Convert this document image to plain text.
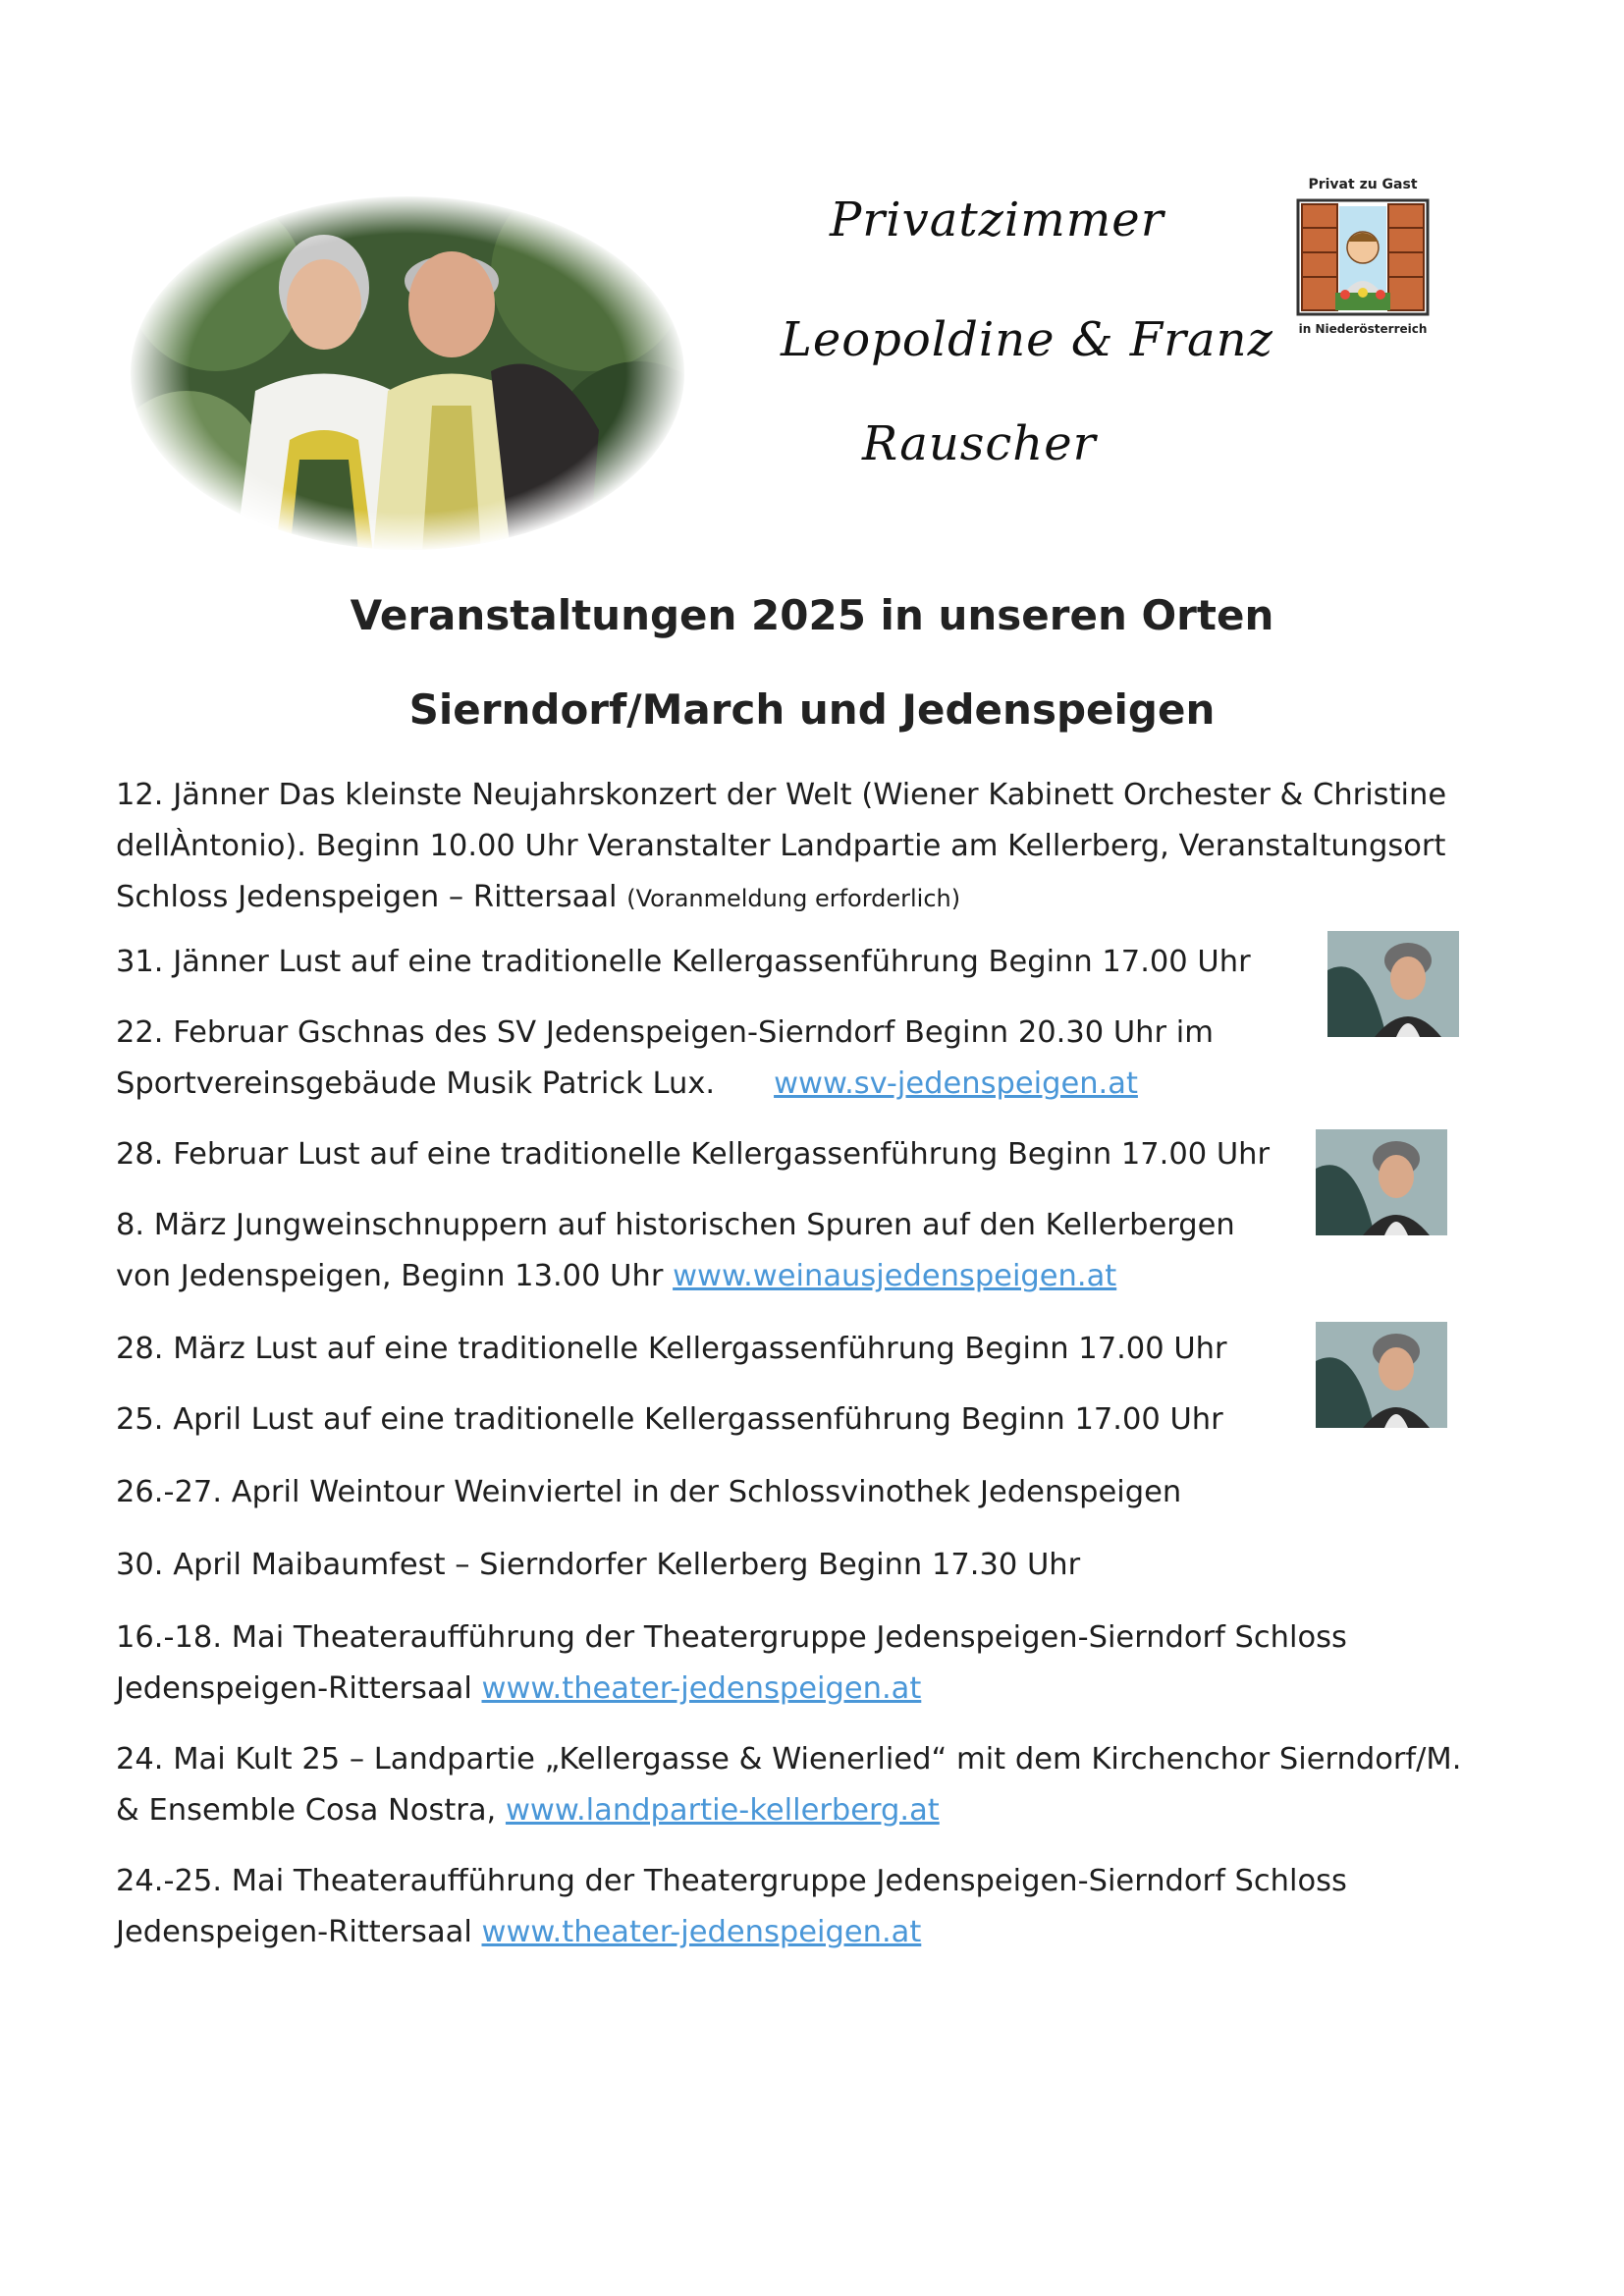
Privatzimmer
Leopoldine & Franz
Rauscher
Privat zu Gast
in Niederösterreich
Veranstaltungen 2025 in unseren Orten
Sierndorf/March und Jedenspeigen
12. Jänner Das kleinste Neujahrskonzert der Welt (Wiener Kabinett Orchester & Christine
dellÀntonio). Beginn 10.00 Uhr Veranstalter Landpartie am Kellerberg, Veranstaltungsort
Schloss Jedenspeigen – Rittersaal (Voranmeldung erforderlich)
31. Jänner Lust auf eine traditionelle Kellergassenführung Beginn 17.00 Uhr
22. Februar Gschnas des SV Jedenspeigen-Sierndorf Beginn 20.30 Uhr im
Sportvereinsgebäude Musik Patrick Lux. www.sv-jedenspeigen.at
28. Februar Lust auf eine traditionelle Kellergassenführung Beginn 17.00 Uhr
8. März Jungweinschnuppern auf historischen Spuren auf den Kellerbergen
von Jedenspeigen, Beginn 13.00 Uhr www.weinausjedenspeigen.at
28. März Lust auf eine traditionelle Kellergassenführung Beginn 17.00 Uhr
25. April Lust auf eine traditionelle Kellergassenführung Beginn 17.00 Uhr
26.-27. April Weintour Weinviertel in der Schlossvinothek Jedenspeigen
30. April Maibaumfest – Sierndorfer Kellerberg Beginn 17.30 Uhr
16.-18. Mai Theateraufführung der Theatergruppe Jedenspeigen-Sierndorf Schloss
Jedenspeigen-Rittersaal www.theater-jedenspeigen.at
24. Mai Kult 25 – Landpartie „Kellergasse & Wienerlied“ mit dem Kirchenchor Sierndorf/M.
& Ensemble Cosa Nostra, www.landpartie-kellerberg.at
24.-25. Mai Theateraufführung der Theatergruppe Jedenspeigen-Sierndorf Schloss
Jedenspeigen-Rittersaal www.theater-jedenspeigen.at
